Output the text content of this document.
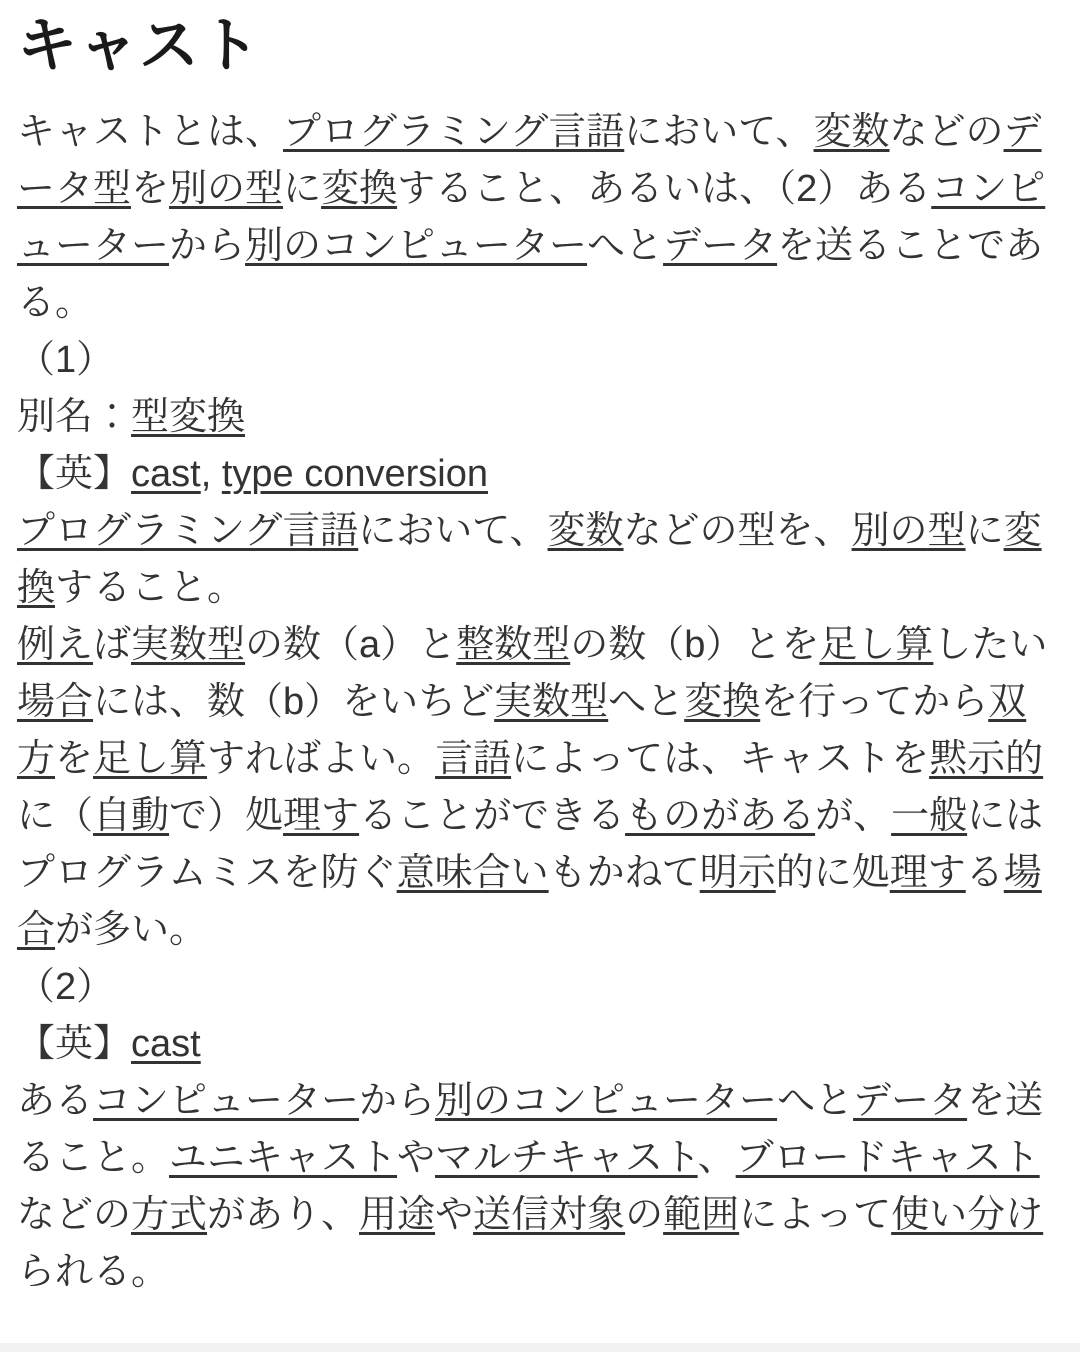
キャスト

キャストとは、プログラミング言語において、変数などのデータ型を別の型に変換すること、あるいは、（2）あるコンピューターから別のコンピューターへとデータを送ることである。

（1）

別名：型変換

【英】cast, type conversion

プログラミング言語において、変数などの型を、別の型に変換すること。

例えば実数型の数（a）と整数型の数（b）とを足し算したい場合には、数（b）をいちど実数型へと変換を行ってから双方を足し算すればよい。言語によっては、キャストを黙示的に（自動で）処理することができるものがあるが、一般にはプログラムミスを防ぐ意味合いもかねて明示的に処理する場合が多い。

（2）

【英】cast

あるコンピューターから別のコンピューターへとデータを送ること。ユニキャストやマルチキャスト、ブロードキャストなどの方式があり、用途や送信対象の範囲によって使い分けられる。
